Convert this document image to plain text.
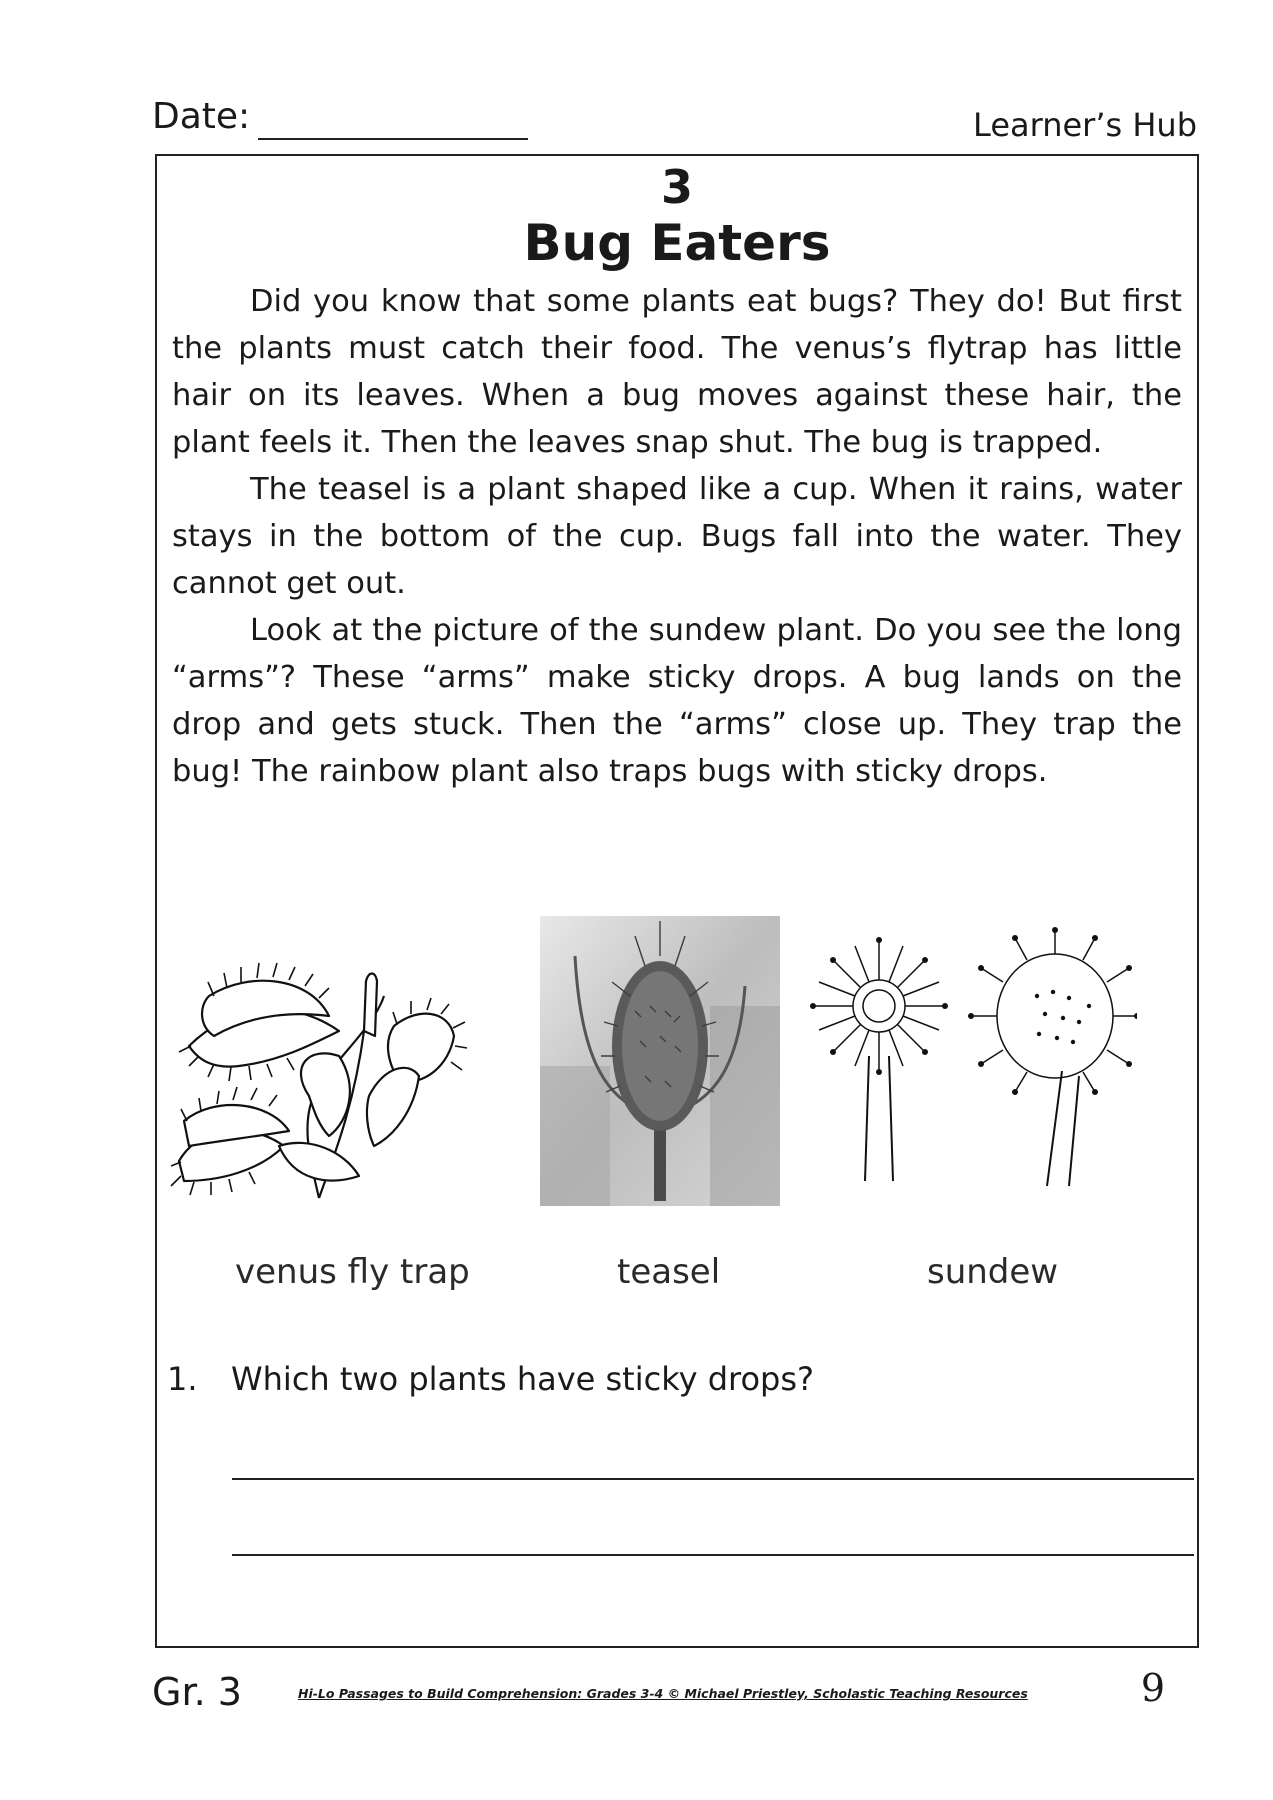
Date:	Learner’s Hub
3
Bug Eaters

Did you know that some plants eat bugs? They do! But first the plants must catch their food. The venus’s flytrap has little hair on its leaves. When a bug moves against these hair, the plant feels it. Then the leaves snap shut. The bug is trapped.

The teasel is a plant shaped like a cup. When it rains, water stays in the bottom of the cup. Bugs fall into the water. They cannot get out.

Look at the picture of the sundew plant. Do you see the long “arms”? These “arms” make sticky drops. A bug lands on the drop and gets stuck. Then the “arms” close up. They trap the bug! The rainbow plant also traps bugs with sticky drops.

venus fly trap	teasel	sundew
1. Which two plants have sticky drops?
Gr. 3	Hi-Lo Passages to Build Comprehension: Grades 3-4 © Michael Priestley, Scholastic Teaching Resources	9
